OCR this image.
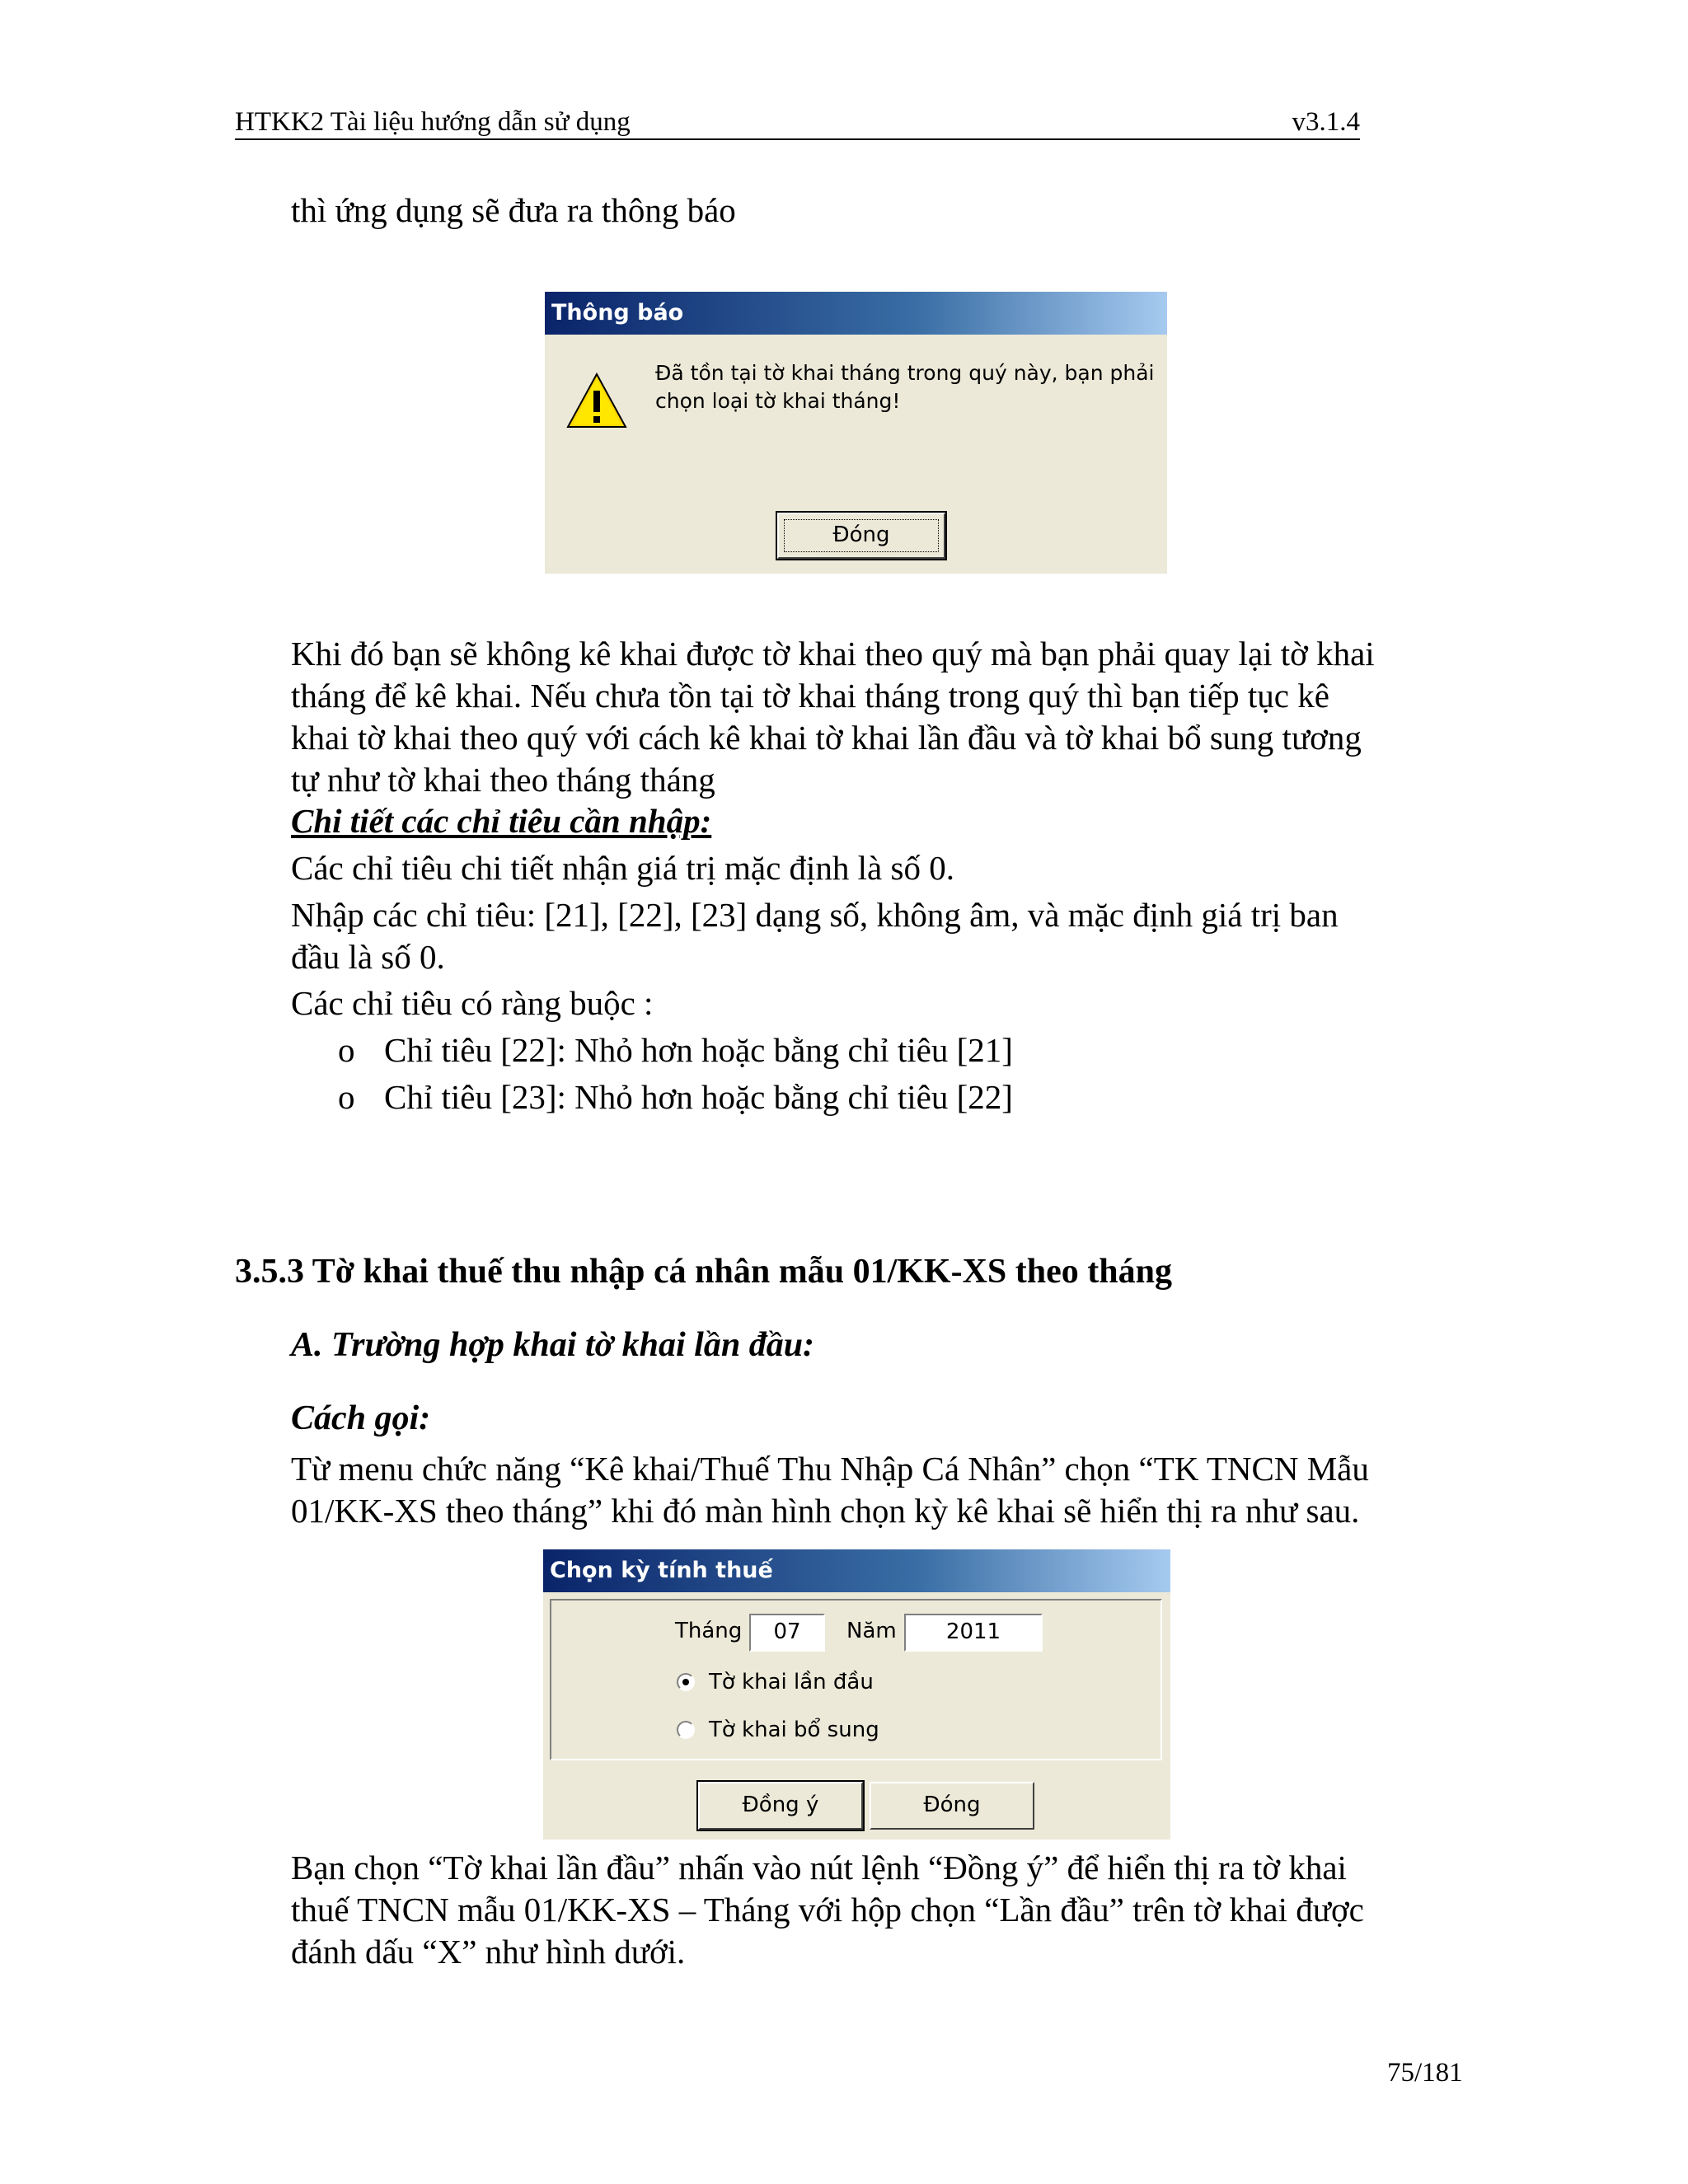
HTKK2 Tài liệu hướng dẫn sử dụng	v3.1.4
thì ứng dụng sẽ đưa ra thông báo
Thông báo
Đã tồn tại tờ khai tháng trong quý này, bạn phải
chọn loại tờ khai tháng!
Đóng
Khi đó bạn sẽ không kê khai được tờ khai theo quý mà bạn phải quay lại tờ khai
tháng để kê khai. Nếu chưa tồn tại tờ khai tháng trong quý thì bạn tiếp tục kê
khai tờ khai theo quý với cách kê khai tờ khai lần đầu và tờ khai bổ sung tương
tự như tờ khai theo tháng tháng
Chi tiết các chỉ tiêu cần nhập:
Các chỉ tiêu chi tiết nhận giá trị mặc định là số 0.
Nhập các chỉ tiêu: [21], [22], [23] dạng số, không âm, và mặc định giá trị ban
đầu là số 0.
Các chỉ tiêu có ràng buộc :
o Chỉ tiêu [22]: Nhỏ hơn hoặc bằng chỉ tiêu [21]
o Chỉ tiêu [23]: Nhỏ hơn hoặc bằng chỉ tiêu [22]
3.5.3 Tờ khai thuế thu nhập cá nhân mẫu 01/KK-XS theo tháng
A. Trường hợp khai tờ khai lần đầu:
Cách gọi:
Từ menu chức năng “Kê khai/Thuế Thu Nhập Cá Nhân” chọn “TK TNCN Mẫu
01/KK-XS theo tháng” khi đó màn hình chọn kỳ kê khai sẽ hiển thị ra như sau.
Chọn kỳ tính thuế
Tháng	07	Năm	2011
Tờ khai lần đầu
Tờ khai bổ sung
Đồng ý	Đóng
Bạn chọn “Tờ khai lần đầu” nhấn vào nút lệnh “Đồng ý” để hiển thị ra tờ khai
thuế TNCN mẫu 01/KK-XS – Tháng với hộp chọn “Lần đầu” trên tờ khai được
đánh dấu “X” như hình dưới.
75/181
